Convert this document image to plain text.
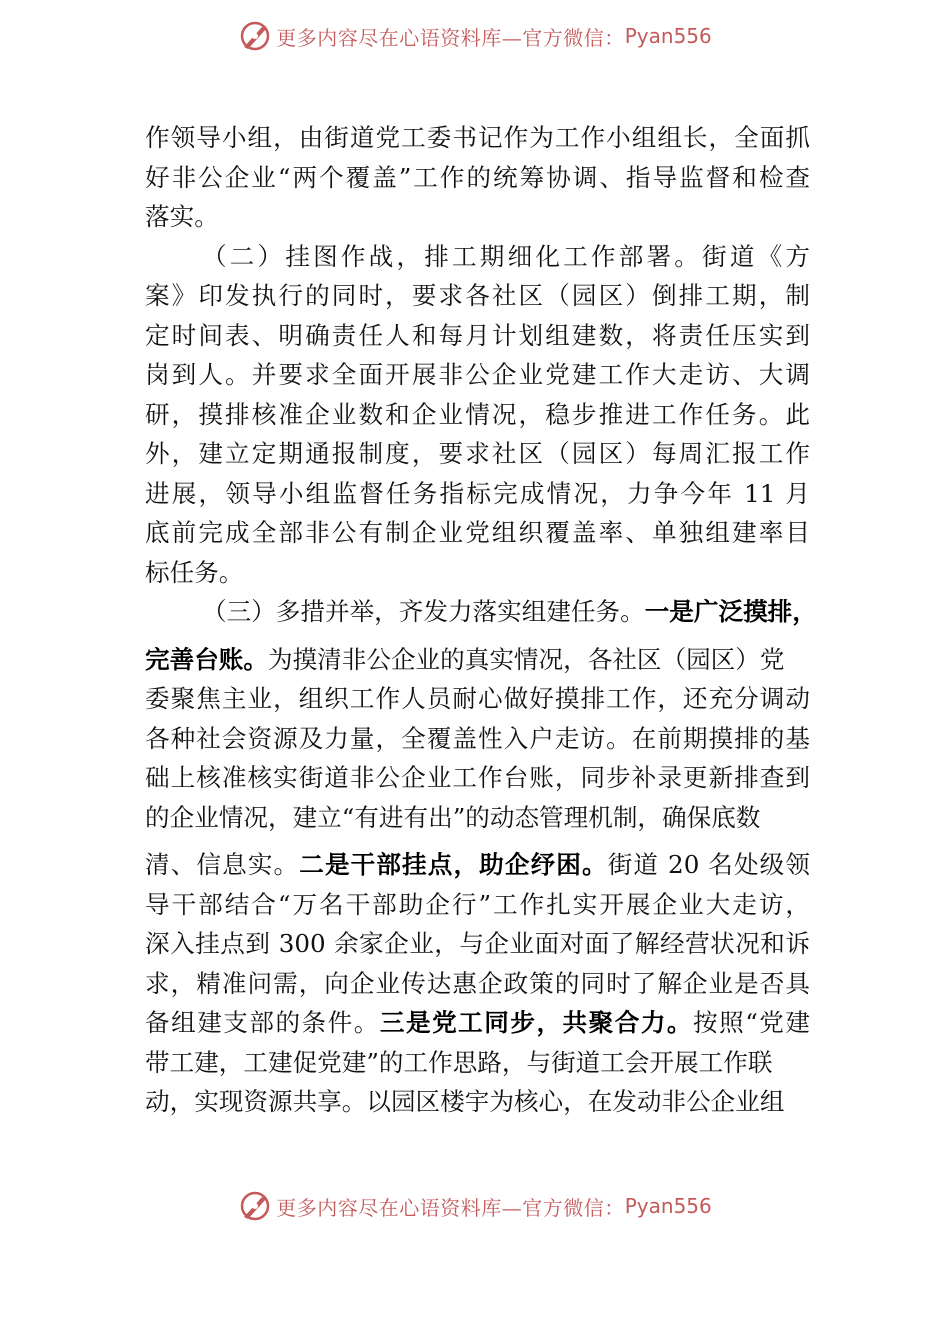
更多内容尽在心语资料库—官方微信： Pyan556
作领导小组，由街道党工委书记作为工作小组组长，全面抓
好非公企业“两个覆盖”工作的统筹协调、指导监督和检查
落实。
（二）挂图作战，排工期细化工作部署。街道《方
案》印发执行的同时，要求各社区（园区）倒排工期，制
定时间表、明确责任人和每月计划组建数，将责任压实到
岗到人。并要求全面开展非公企业党建工作大走访、大调
研，摸排核准企业数和企业情况，稳步推进工作任务。此
外，建立定期通报制度，要求社区（园区）每周汇报工作
进展，领导小组监督任务指标完成情况，力争今年 11 月
底前完成全部非公有制企业党组织覆盖率、单独组建率目
标任务。
（三）多措并举，齐发力落实组建任务。一是广泛摸排，
完善台账。为摸清非公企业的真实情况，各社区（园区）党
委聚焦主业，组织工作人员耐心做好摸排工作，还充分调动
各种社会资源及力量，全覆盖性入户走访。在前期摸排的基
础上核准核实街道非公企业工作台账，同步补录更新排查到
的企业情况，建立“有进有出”的动态管理机制，确保底数
清、信息实。二是干部挂点，助企纾困。街道 20 名处级领
导干部结合“万名干部助企行”工作扎实开展企业大走访，
深入挂点到 300 余家企业，与企业面对面了解经营状况和诉
求，精准问需，向企业传达惠企政策的同时了解企业是否具
备组建支部的条件。三是党工同步，共聚合力。按照“党建
带工建，工建促党建”的工作思路，与街道工会开展工作联
动，实现资源共享。以园区楼宇为核心，在发动非公企业组
更多内容尽在心语资料库—官方微信： Pyan556
